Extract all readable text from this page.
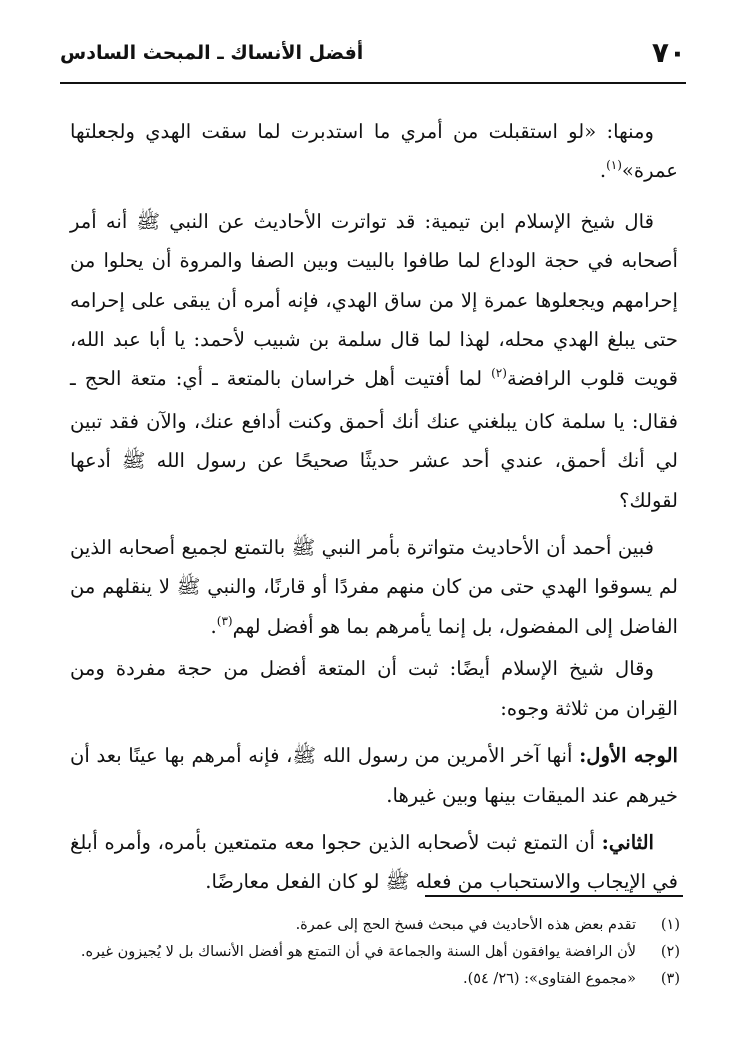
٧٠
أفضل الأنساك ـ المبحث السادس

ومنها: «لو استقبلت من أمري ما استدبرت لما سقت الهدي ولجعلتها عمرة»$^{(١)}$.

قال شيخ الإسلام ابن تيمية: قد تواترت الأحاديث عن النبي ﷺ أنه أمر أصحابه في حجة الوداع لما طافوا بالبيت وبين الصفا والمروة أن يحلوا من إحرامهم ويجعلوها عمرة إلا من ساق الهدي، فإنه أمره أن يبقى على إحرامه حتى يبلغ الهدي محله، لهذا لما قال سلمة بن شبيب لأحمد: يا أبا عبد الله، قويت قلوب الرافضة$^{(٢)}$ لما أفتيت أهل خراسان بالمتعة ـ أي: متعة الحج ـ فقال: يا سلمة كان يبلغني عنك أنك أحمق وكنت أدافع عنك، والآن فقد تبين لي أنك أحمق، عندي أحد عشر حديثًا صحيحًا عن رسول الله ﷺ أدعها لقولك؟

فبين أحمد أن الأحاديث متواترة بأمر النبي ﷺ بالتمتع لجميع أصحابه الذين لم يسوقوا الهدي حتى من كان منهم مفردًا أو قارنًا، والنبي ﷺ لا ينقلهم من الفاضل إلى المفضول، بل إنما يأمرهم بما هو أفضل لهم$^{(٣)}$.

وقال شيخ الإسلام أيضًا: ثبت أن المتعة أفضل من حجة مفردة ومن القِران من ثلاثة وجوه:

الوجه الأول: أنها آخر الأمرين من رسول الله ﷺ، فإنه أمرهم بها عينًا بعد أن خيرهم عند الميقات بينها وبين غيرها.

الثاني: أن التمتع ثبت لأصحابه الذين حجوا معه متمتعين بأمره، وأمره أبلغ في الإيجاب والاستحباب من فعله ﷺ لو كان الفعل معارضًا.

(١)
تقدم بعض هذه الأحاديث في مبحث فسخ الحج إلى عمرة.
(٢)
لأن الرافضة يوافقون أهل السنة والجماعة في أن التمتع هو أفضل الأنساك بل لا يُجيزون غيره.
(٣)
«مجموع الفتاوى»: (٢٦/ ٥٤).
